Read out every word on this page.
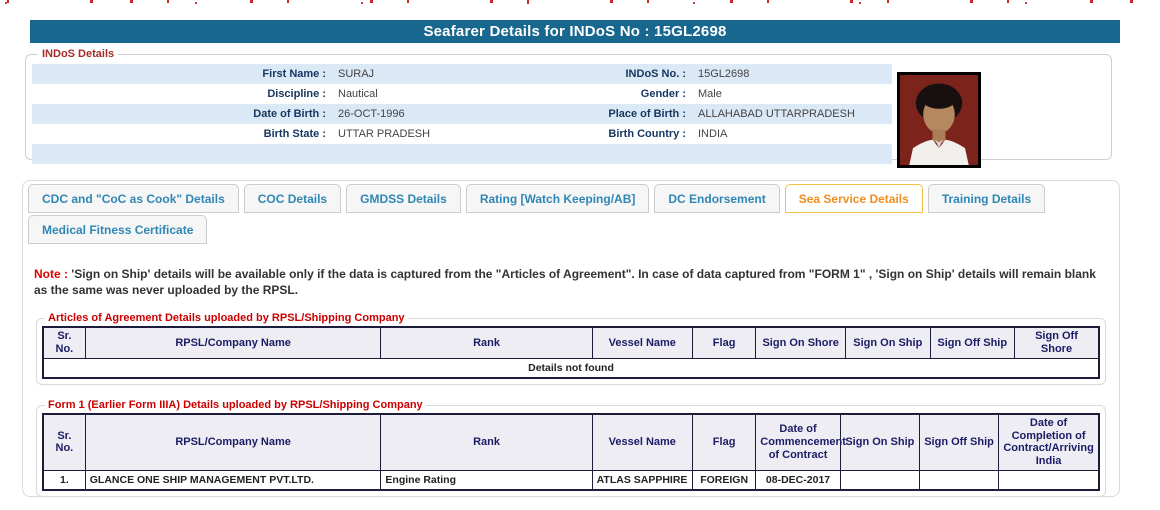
Seafarer Details for INDoS No : 15GL2698
INDoS Details
First Name :	SURAJ	INDoS No. :	15GL2698
Discipline :	Nautical	Gender :	Male
Date of Birth :	26-OCT-1996	Place of Birth :	ALLAHABAD UTTARPRADESH
Birth State :	UTTAR PRADESH	Birth Country :	INDIA

CDC and "CoC as Cook" Details	COC Details	GMDSS Details	Rating [Watch Keeping/AB]	DC Endorsement	Sea Service Details	Training Details
Medical Fitness Certificate
Note : 'Sign on Ship' details will be available only if the data is captured from the "Articles of Agreement". In case of data captured from "FORM 1" , 'Sign on Ship' details will remain blank as the same was never uploaded by the RPSL.
Articles of Agreement Details uploaded by RPSL/Shipping Company
Sr. No.	RPSL/Company Name	Rank	Vessel Name	Flag	Sign On Shore	Sign On Ship	Sign Off Ship	Sign Off Shore
Details not found
Form 1 (Earlier Form IIIA) Details uploaded by RPSL/Shipping Company
Sr. No.	RPSL/Company Name	Rank	Vessel Name	Flag	Date of Commencement of Contract	Sign On Ship	Sign Off Ship	Date of Completion of Contract/Arriving India
1.	GLANCE ONE SHIP MANAGEMENT PVT.LTD.	Engine Rating	ATLAS SAPPHIRE	FOREIGN	08-DEC-2017			
